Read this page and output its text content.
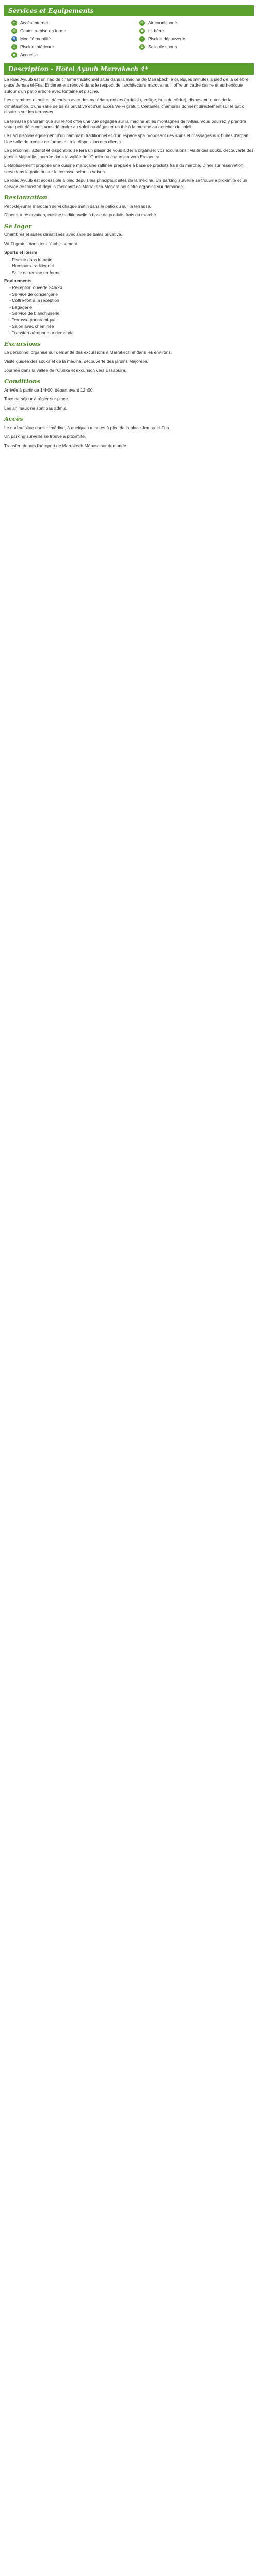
Services et Equipements
✻	Accès Internet	❄	Air conditionné
▤ Centre remise en forme	▣ Lit bébé
♿ Modifié mobilité	≈	Piscine découverte
⊘	Piscine intérieure	✿	Salle de sports
◆	Accueille
Description - Hôtel Ayuub Marrakech 4*

Le Riad Ayuub est un riad de charme traditionnel situé dans la médina de Marrakech, à quelques minutes à pied de la célèbre place Jemaa el-Fna. Entièrement rénové dans le respect de l'architecture marocaine, il offre un cadre calme et authentique autour d'un patio arboré avec fontaine et piscine.

Les chambres et suites, décorées avec des matériaux nobles (tadelakt, zellige, bois de cèdre), disposent toutes de la climatisation, d'une salle de bains privative et d'un accès Wi-Fi gratuit. Certaines chambres donnent directement sur le patio, d'autres sur les terrasses.

La terrasse panoramique sur le toit offre une vue dégagée sur la médina et les montagnes de l'Atlas. Vous pourrez y prendre votre petit-déjeuner, vous détendre au soleil ou déguster un thé à la menthe au coucher du soleil.

Le riad dispose également d'un hammam traditionnel et d'un espace spa proposant des soins et massages aux huiles d'argan. Une salle de remise en forme est à la disposition des clients.

Le personnel, attentif et disponible, se fera un plaisir de vous aider à organiser vos excursions : visite des souks, découverte des jardins Majorelle, journée dans la vallée de l'Ourika ou excursion vers Essaouira.

L'établissement propose une cuisine marocaine raffinée préparée à base de produits frais du marché. Dîner sur réservation, servi dans le patio ou sur la terrasse selon la saison.

Le Riad Ayuub est accessible à pied depuis les principaux sites de la médina. Un parking surveillé se trouve à proximité et un service de transfert depuis l'aéroport de Marrakech-Ménara peut être organisé sur demande.

Restauration

Petit-déjeuner marocain servi chaque matin dans le patio ou sur la terrasse.

Dîner sur réservation, cuisine traditionnelle à base de produits frais du marché.

Se loger

Chambres et suites climatisées avec salle de bains privative.

Wi-Fi gratuit dans tout l'établissement.

Sports et loisirs
- Piscine dans le patio
- Hammam traditionnel
- Salle de remise en forme
Equipements
- Réception ouverte 24h/24
- Service de conciergerie
- Coffre-fort à la réception
- Bagagerie
- Service de blanchisserie
- Terrasse panoramique
- Salon avec cheminée
- Transfert aéroport sur demande
Excursions

Le personnel organise sur demande des excursions à Marrakech et dans les environs.

Visite guidée des souks et de la médina, découverte des jardins Majorelle.

Journée dans la vallée de l'Ourika et excursion vers Essaouira.

Conditions

Arrivée à partir de 14h00, départ avant 12h00.

Taxe de séjour à régler sur place.

Les animaux ne sont pas admis.

Accès

Le riad se situe dans la médina, à quelques minutes à pied de la place Jemaa el-Fna.

Un parking surveillé se trouve à proximité.

Transfert depuis l'aéroport de Marrakech-Ménara sur demande.
